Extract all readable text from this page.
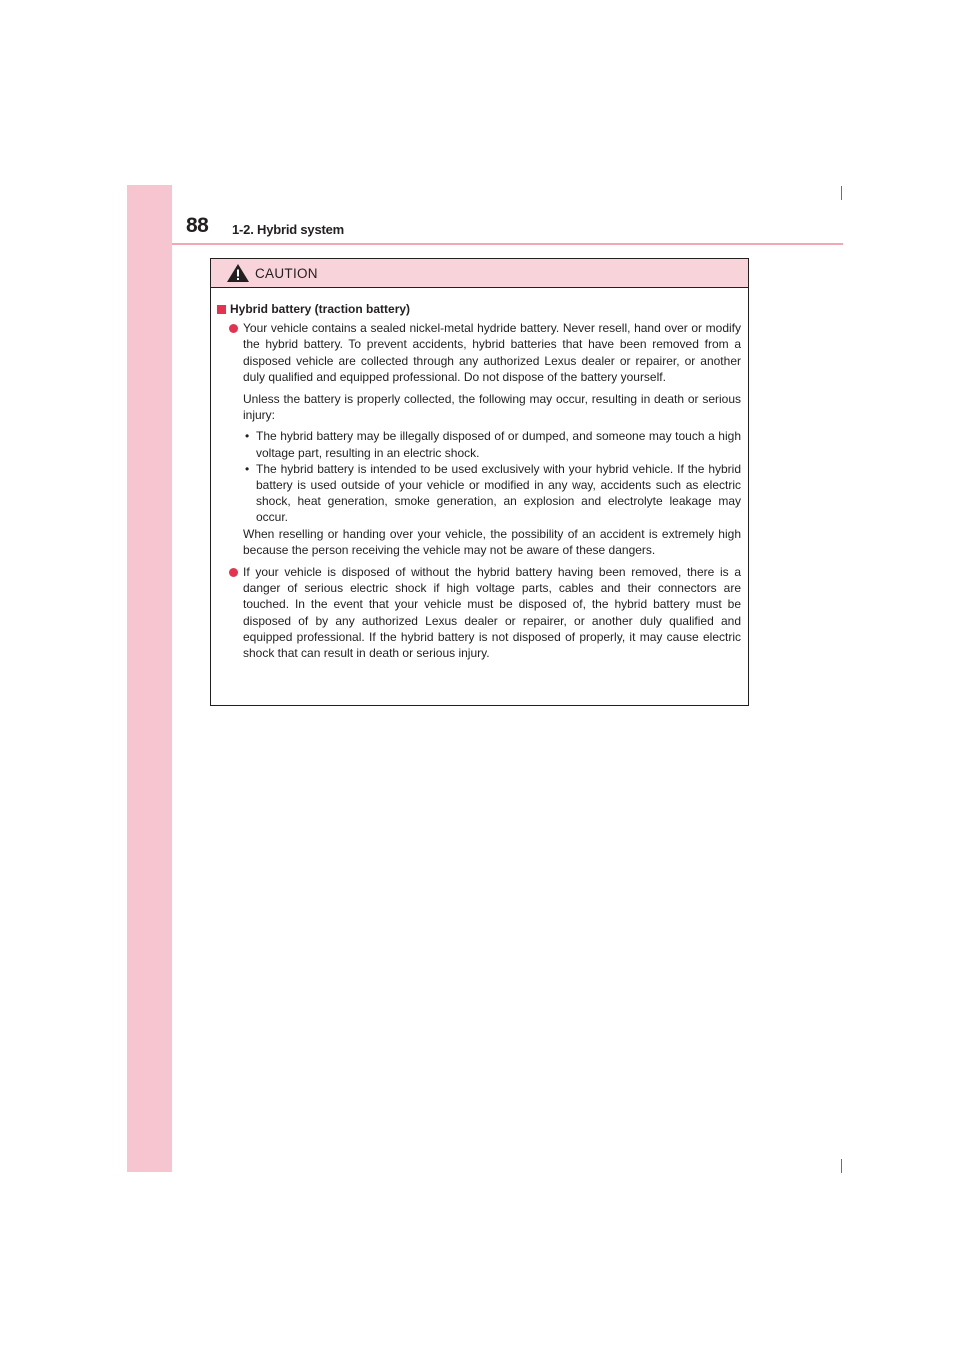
88 1-2. Hybrid system
CAUTION
Hybrid battery (traction battery)
Your vehicle contains a sealed nickel-metal hydride battery. Never resell, hand over or modify the hybrid battery. To prevent accidents, hybrid batteries that have been removed from a disposed vehicle are collected through any authorized Lexus dealer or repairer, or another duly qualified and equipped professional. Do not dispose of the battery yourself.
Unless the battery is properly collected, the following may occur, resulting in death or serious injury:
• The hybrid battery may be illegally disposed of or dumped, and someone may touch a high voltage part, resulting in an electric shock.
• The hybrid battery is intended to be used exclusively with your hybrid vehicle. If the hybrid battery is used outside of your vehicle or modified in any way, accidents such as electric shock, heat generation, smoke generation, an explosion and electrolyte leakage may occur.
When reselling or handing over your vehicle, the possibility of an accident is extremely high because the person receiving the vehicle may not be aware of these dangers.
If your vehicle is disposed of without the hybrid battery having been removed, there is a danger of serious electric shock if high voltage parts, cables and their connectors are touched. In the event that your vehicle must be disposed of, the hybrid battery must be disposed of by any authorized Lexus dealer or repairer, or another duly qualified and equipped professional. If the hybrid battery is not disposed of properly, it may cause electric shock that can result in death or serious injury.
